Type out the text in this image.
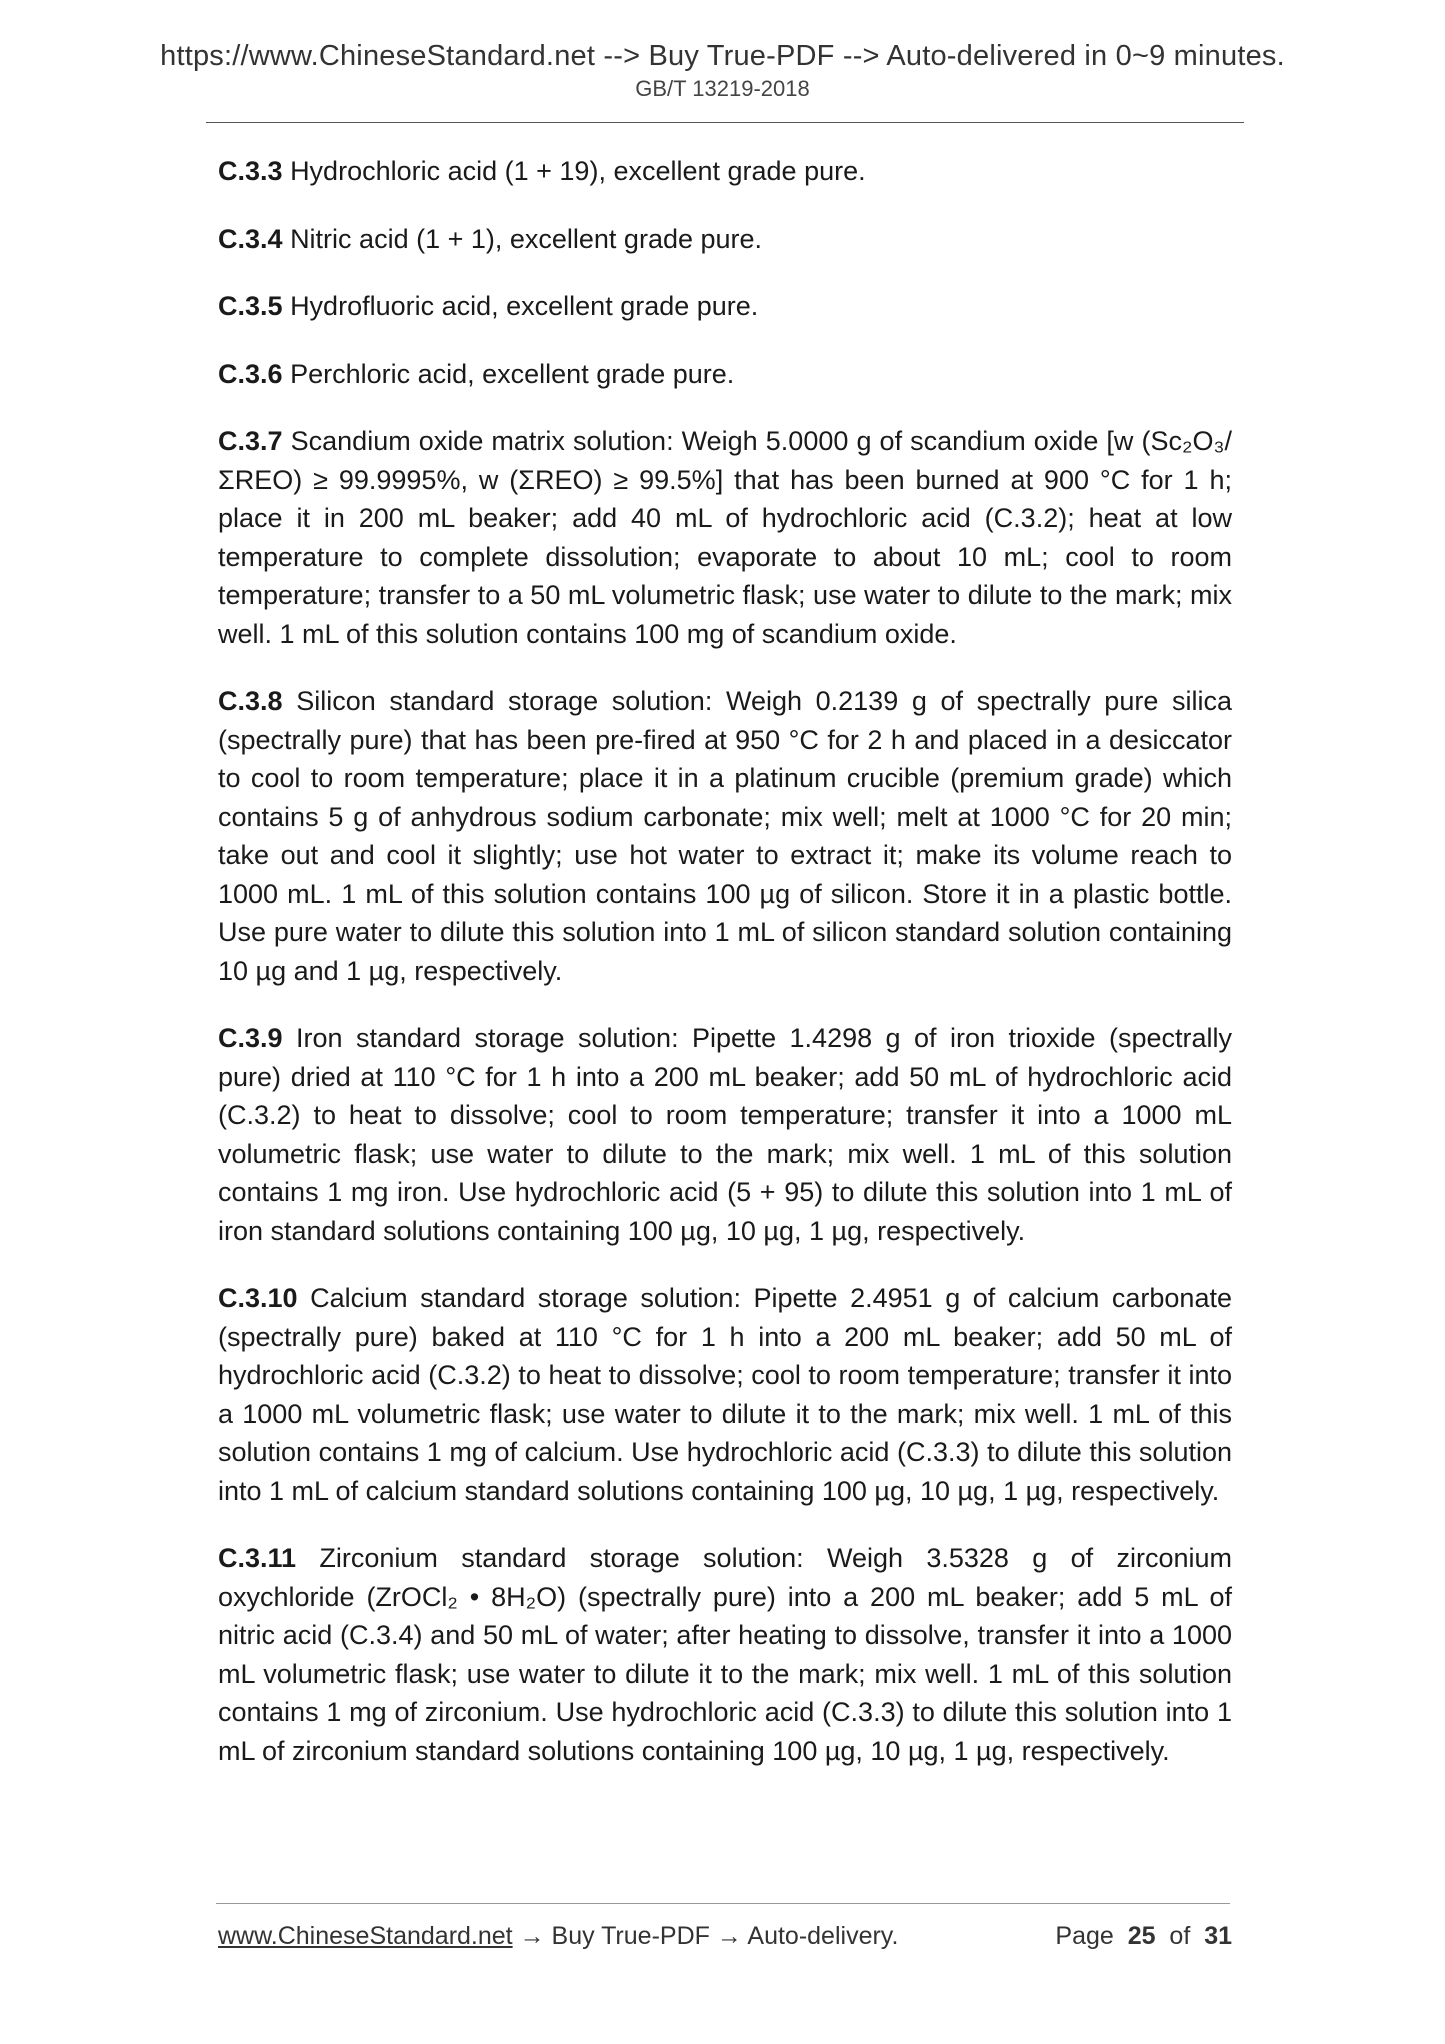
https://www.ChineseStandard.net --> Buy True-PDF --> Auto-delivered in 0~9 minutes.
GB/T 13219-2018

C.3.3 Hydrochloric acid (1 + 19), excellent grade pure.

C.3.4 Nitric acid (1 + 1), excellent grade pure.

C.3.5 Hydrofluoric acid, excellent grade pure.

C.3.6 Perchloric acid, excellent grade pure.

C.3.7 Scandium oxide matrix solution: Weigh 5.0000 g of scandium oxide [w (Sc₂O₃/ΣREO) ≥ 99.9995%, w (ΣREO) ≥ 99.5%] that has been burned at 900 °C for 1 h; place it in 200 mL beaker; add 40 mL of hydrochloric acid (C.3.2); heat at low temperature to complete dissolution; evaporate to about 10 mL; cool to room temperature; transfer to a 50 mL volumetric flask; use water to dilute to the mark; mix well. 1 mL of this solution contains 100 mg of scandium oxide.

C.3.8 Silicon standard storage solution: Weigh 0.2139 g of spectrally pure silica (spectrally pure) that has been pre-fired at 950 °C for 2 h and placed in a desiccator to cool to room temperature; place it in a platinum crucible (premium grade) which contains 5 g of anhydrous sodium carbonate; mix well; melt at 1000 °C for 20 min; take out and cool it slightly; use hot water to extract it; make its volume reach to 1000 mL. 1 mL of this solution contains 100 µg of silicon. Store it in a plastic bottle. Use pure water to dilute this solution into 1 mL of silicon standard solution containing 10 µg and 1 µg, respectively.

C.3.9 Iron standard storage solution: Pipette 1.4298 g of iron trioxide (spectrally pure) dried at 110 °C for 1 h into a 200 mL beaker; add 50 mL of hydrochloric acid (C.3.2) to heat to dissolve; cool to room temperature; transfer it into a 1000 mL volumetric flask; use water to dilute to the mark; mix well. 1 mL of this solution contains 1 mg iron. Use hydrochloric acid (5 + 95) to dilute this solution into 1 mL of iron standard solutions containing 100 µg, 10 µg, 1 µg, respectively.

C.3.10 Calcium standard storage solution: Pipette 2.4951 g of calcium carbonate (spectrally pure) baked at 110 °C for 1 h into a 200 mL beaker; add 50 mL of hydrochloric acid (C.3.2) to heat to dissolve; cool to room temperature; transfer it into a 1000 mL volumetric flask; use water to dilute it to the mark; mix well. 1 mL of this solution contains 1 mg of calcium. Use hydrochloric acid (C.3.3) to dilute this solution into 1 mL of calcium standard solutions containing 100 µg, 10 µg, 1 µg, respectively.

C.3.11 Zirconium standard storage solution: Weigh 3.5328 g of zirconium oxychloride (ZrOCl₂ • 8H₂O) (spectrally pure) into a 200 mL beaker; add 5 mL of nitric acid (C.3.4) and 50 mL of water; after heating to dissolve, transfer it into a 1000 mL volumetric flask; use water to dilute it to the mark; mix well. 1 mL of this solution contains 1 mg of zirconium. Use hydrochloric acid (C.3.3) to dilute this solution into 1 mL of zirconium standard solutions containing 100 µg, 10 µg, 1 µg, respectively.

www.ChineseStandard.net → Buy True-PDF → Auto-delivery.	Page 25 of 31
